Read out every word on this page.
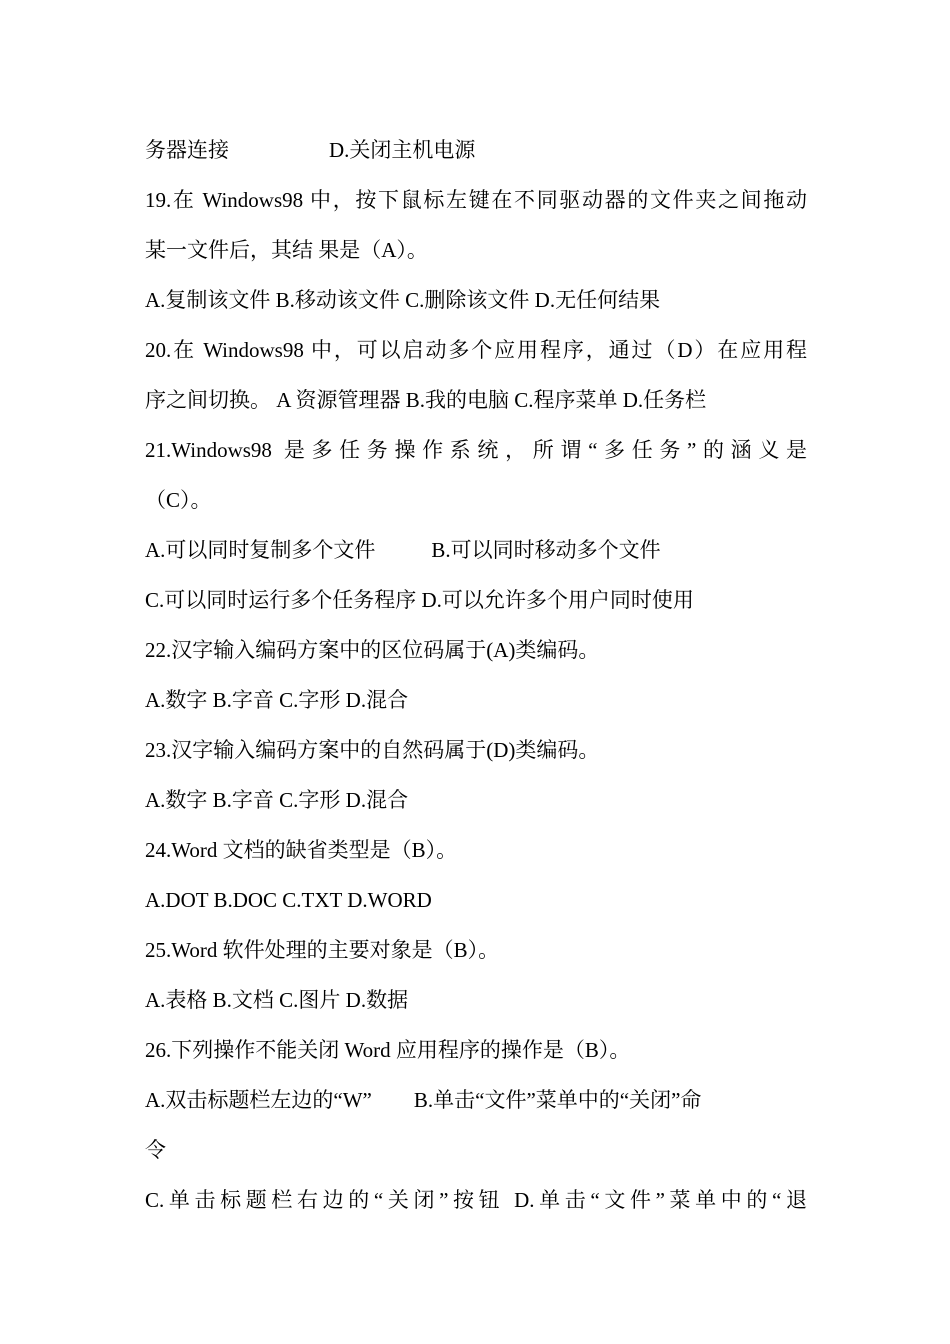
务器连接	D.关闭主机电源
19.在 Windows98 中，按下鼠标左键在不同驱动器的文件夹之间拖动
某一文件后，其结 果是（A）。
A.复制该文件 B.移动该文件 C.删除该文件 D.无任何结果
20.在 Windows98 中，可以启动多个应用程序，通过（D）在应用程
序之间切换。 A 资源管理器 B.我的电脑 C.程序菜单 D.任务栏
21.Windows98 是多任务操作系统，所谓“多任务”的涵义是
（C）。
A.可以同时复制多个文件	B.可以同时移动多个文件
C.可以同时运行多个任务程序 D.可以允许多个用户同时使用
22.汉字输入编码方案中的区位码属于(A)类编码。
A.数字 B.字音 C.字形 D.混合
23.汉字输入编码方案中的自然码属于(D)类编码。
A.数字 B.字音 C.字形 D.混合
24.Word 文档的缺省类型是（B）。
A.DOT B.DOC C.TXT D.WORD
25.Word 软件处理的主要对象是（B）。
A.表格 B.文档 C.图片 D.数据
26.下列操作不能关闭 Word 应用程序的操作是（B）。
A.双击标题栏左边的“W” B.单击“文件”菜单中的“关闭”命
令
C.单击标题栏右边的“关闭”按钮 D.单击“文件”菜单中的“退
